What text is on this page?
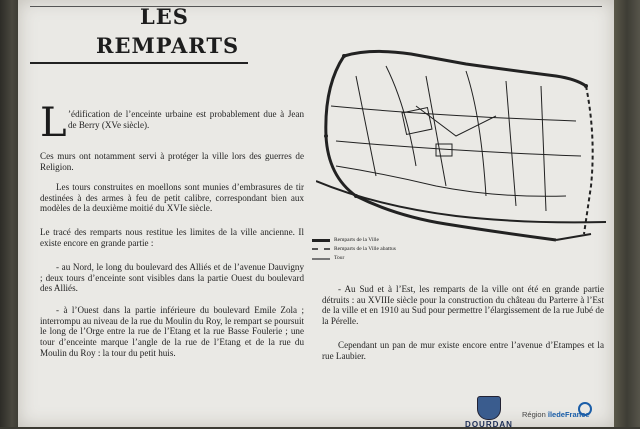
LES
REMPARTS
L ’édification de l’enceinte urbaine est probablement due à Jean de Berry (XVe siècle).
Ces murs ont notamment servi à protéger la ville lors des guerres de Religion.
Les tours construites en moellons sont munies d’embrasures de tir destinées à des armes à feu de petit calibre, correspondant bien aux modèles de la deuxième moitié du XVIe siècle.
Le tracé des remparts nous restitue les limites de la ville ancienne. Il existe encore en grande partie :
- au Nord, le long du boulevard des Alliés et de l’avenue Dauvigny ; deux tours d’enceinte sont visibles dans la partie Ouest du boulevard des Alliés.
- à l’Ouest dans la partie inférieure du boulevard Emile Zola ; interrompu au niveau de la rue du Moulin du Roy, le rempart se poursuit le long de l’Orge entre la rue de l’Etang et la rue Basse Foulerie ; une tour d’enceinte marque l’angle de la rue de l’Etang et de la rue du Moulin du Roy : la tour du petit huis.
- Au Sud et à l’Est, les remparts de la ville ont été en grande partie détruits : au XVIIIe siècle pour la construction du château du Parterre à l’Est de la ville et en 1910 au Sud pour permettre l’élargissement de la rue Jubé de la Pérelle.
Cependant un pan de mur existe encore entre l’avenue d’Etampes et la rue Laubier.
Remparts de la Ville
Remparts de la Ville abattus
Tour
DOURDAN
Région îledeFrance
